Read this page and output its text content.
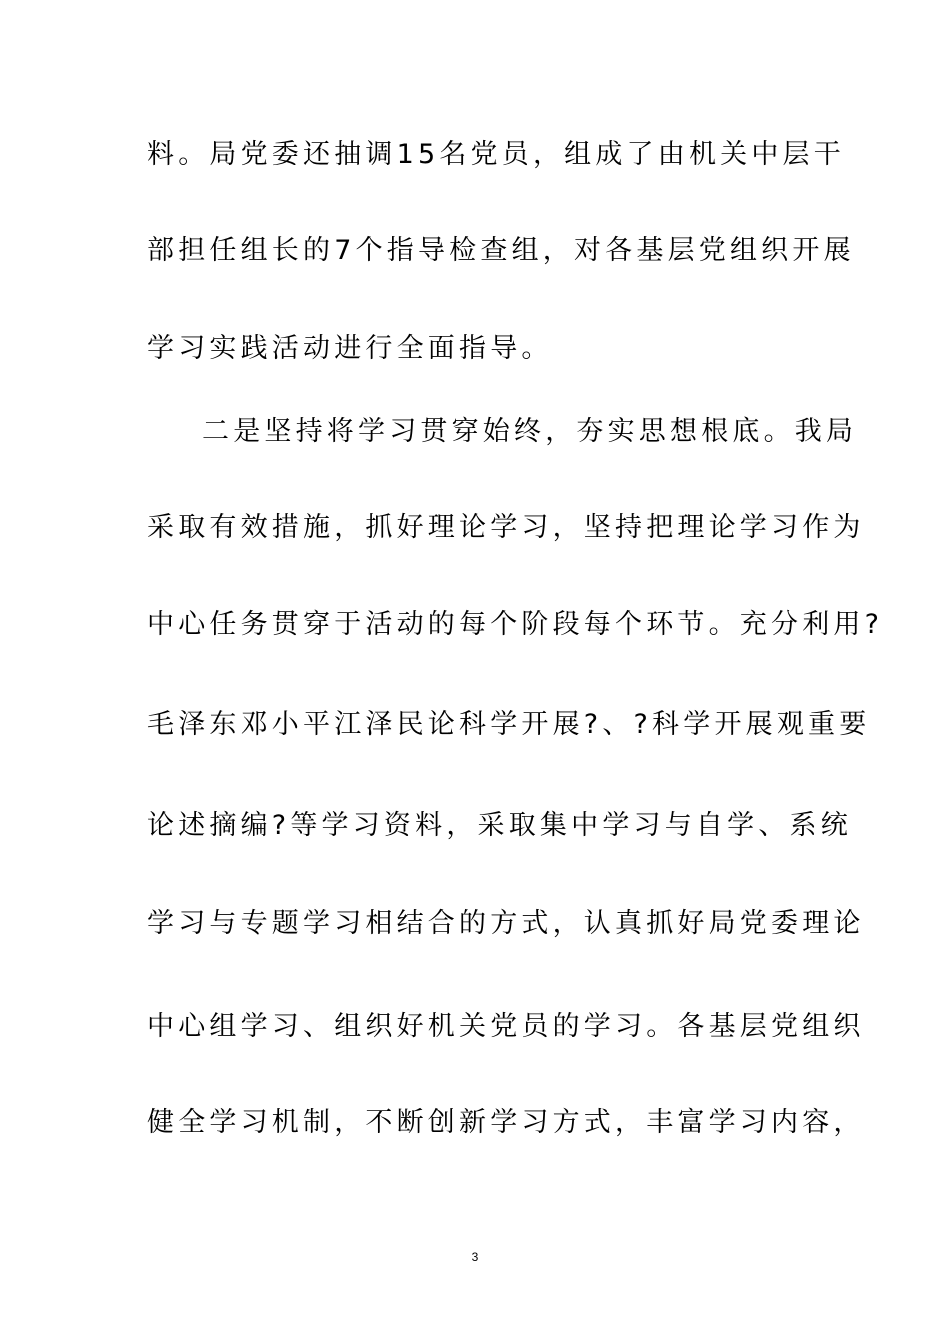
料。局党委还抽调15名党员，组成了由机关中层干
部担任组长的7个指导检查组，对各基层党组织开展
学习实践活动进行全面指导。
二是坚持将学习贯穿始终，夯实思想根底。我局
采取有效措施，抓好理论学习，坚持把理论学习作为
中心任务贯穿于活动的每个阶段每个环节。充分利用?
毛泽东邓小平江泽民论科学开展?、?科学开展观重要
论述摘编?等学习资料，采取集中学习与自学、系统
学习与专题学习相结合的方式，认真抓好局党委理论
中心组学习、组织好机关党员的学习。各基层党组织
健全学习机制，不断创新学习方式，丰富学习内容，
3
